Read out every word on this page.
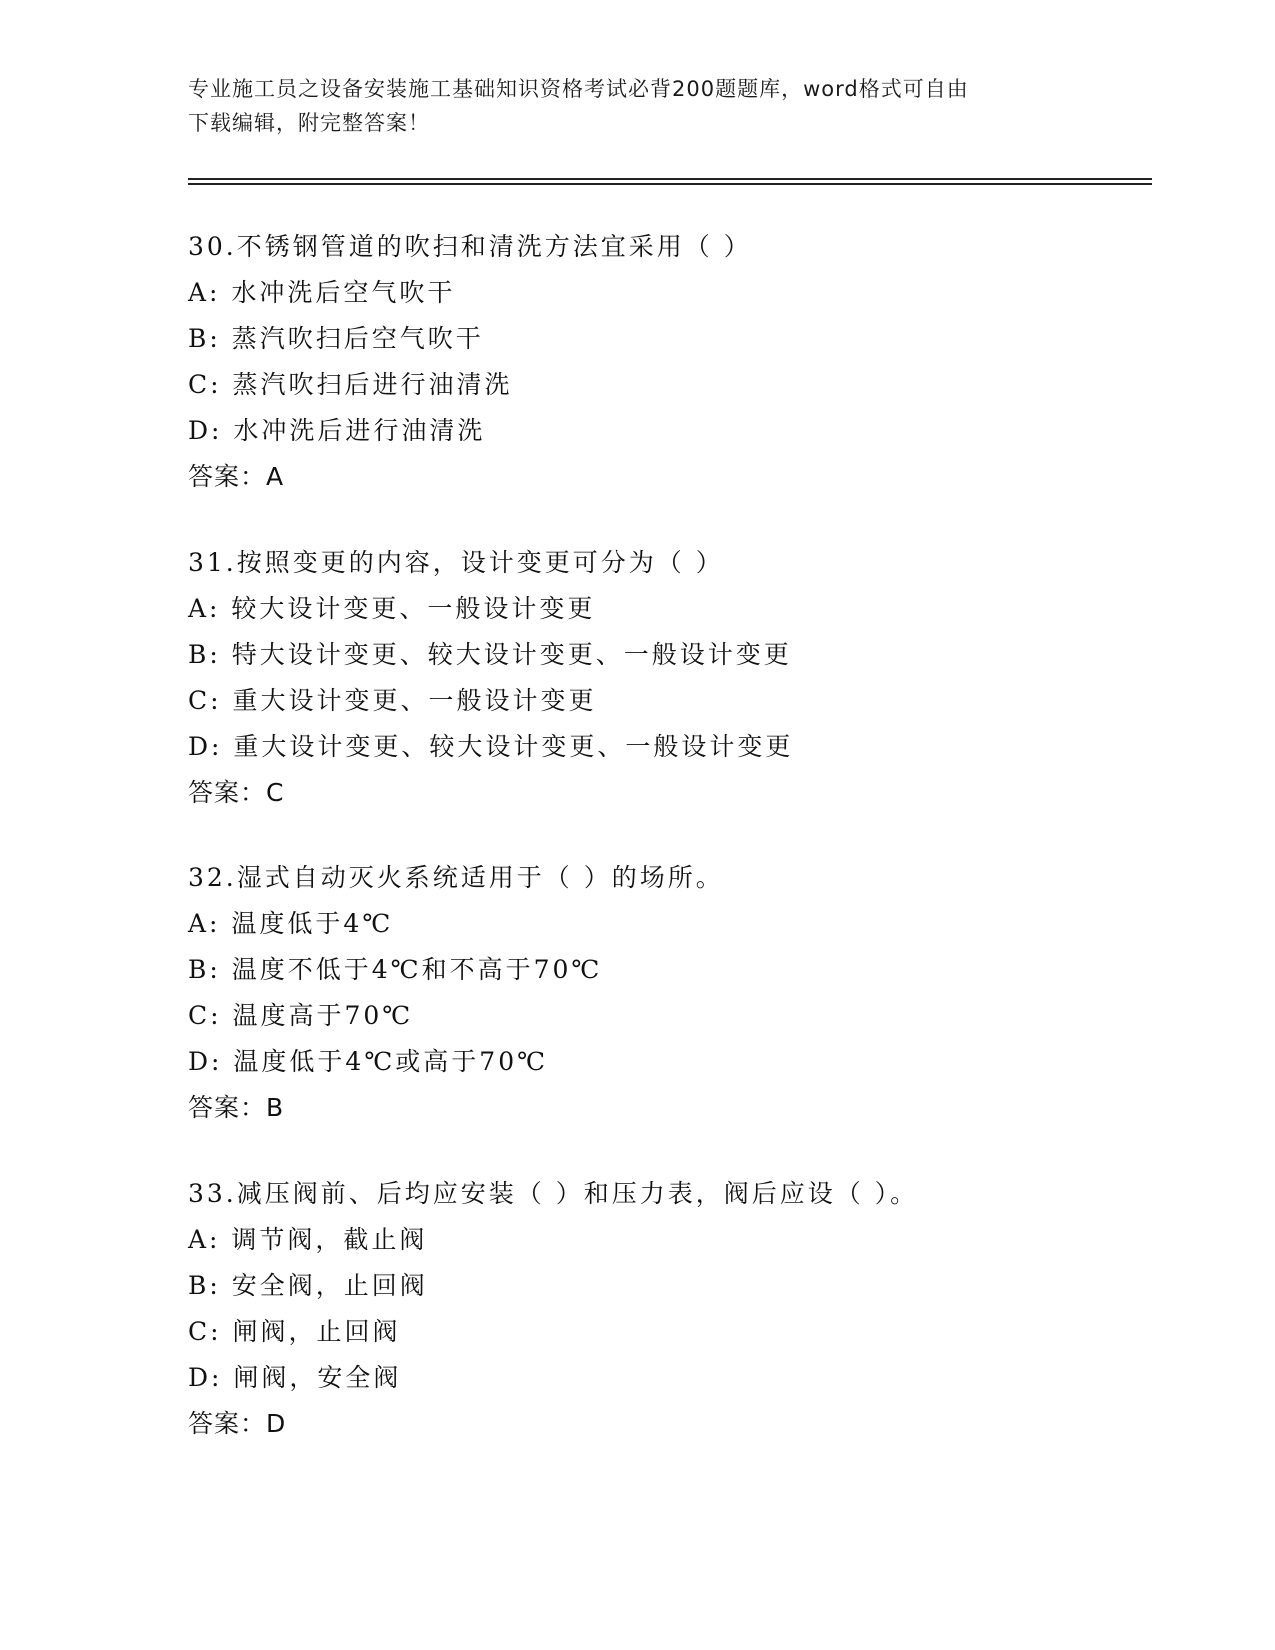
专业施工员之设备安装施工基础知识资格考试必背200题题库，word格式可自由
下载编辑，附完整答案！
30.不锈钢管道的吹扫和清洗方法宜采用（ ）
A: 水冲洗后空气吹干
B: 蒸汽吹扫后空气吹干
C: 蒸汽吹扫后进行油清洗
D: 水冲洗后进行油清洗
答案：A
31.按照变更的内容，设计变更可分为（ ）
A: 较大设计变更、一般设计变更
B: 特大设计变更、较大设计变更、一般设计变更
C: 重大设计变更、一般设计变更
D: 重大设计变更、较大设计变更、一般设计变更
答案：C
32.湿式自动灭火系统适用于（ ）的场所。
A: 温度低于4℃
B: 温度不低于4℃和不高于70℃
C: 温度高于70℃
D: 温度低于4℃或高于70℃
答案：B
33.减压阀前、后均应安装（ ）和压力表，阀后应设（ ）。
A: 调节阀，截止阀
B: 安全阀，止回阀
C: 闸阀，止回阀
D: 闸阀，安全阀
答案：D
